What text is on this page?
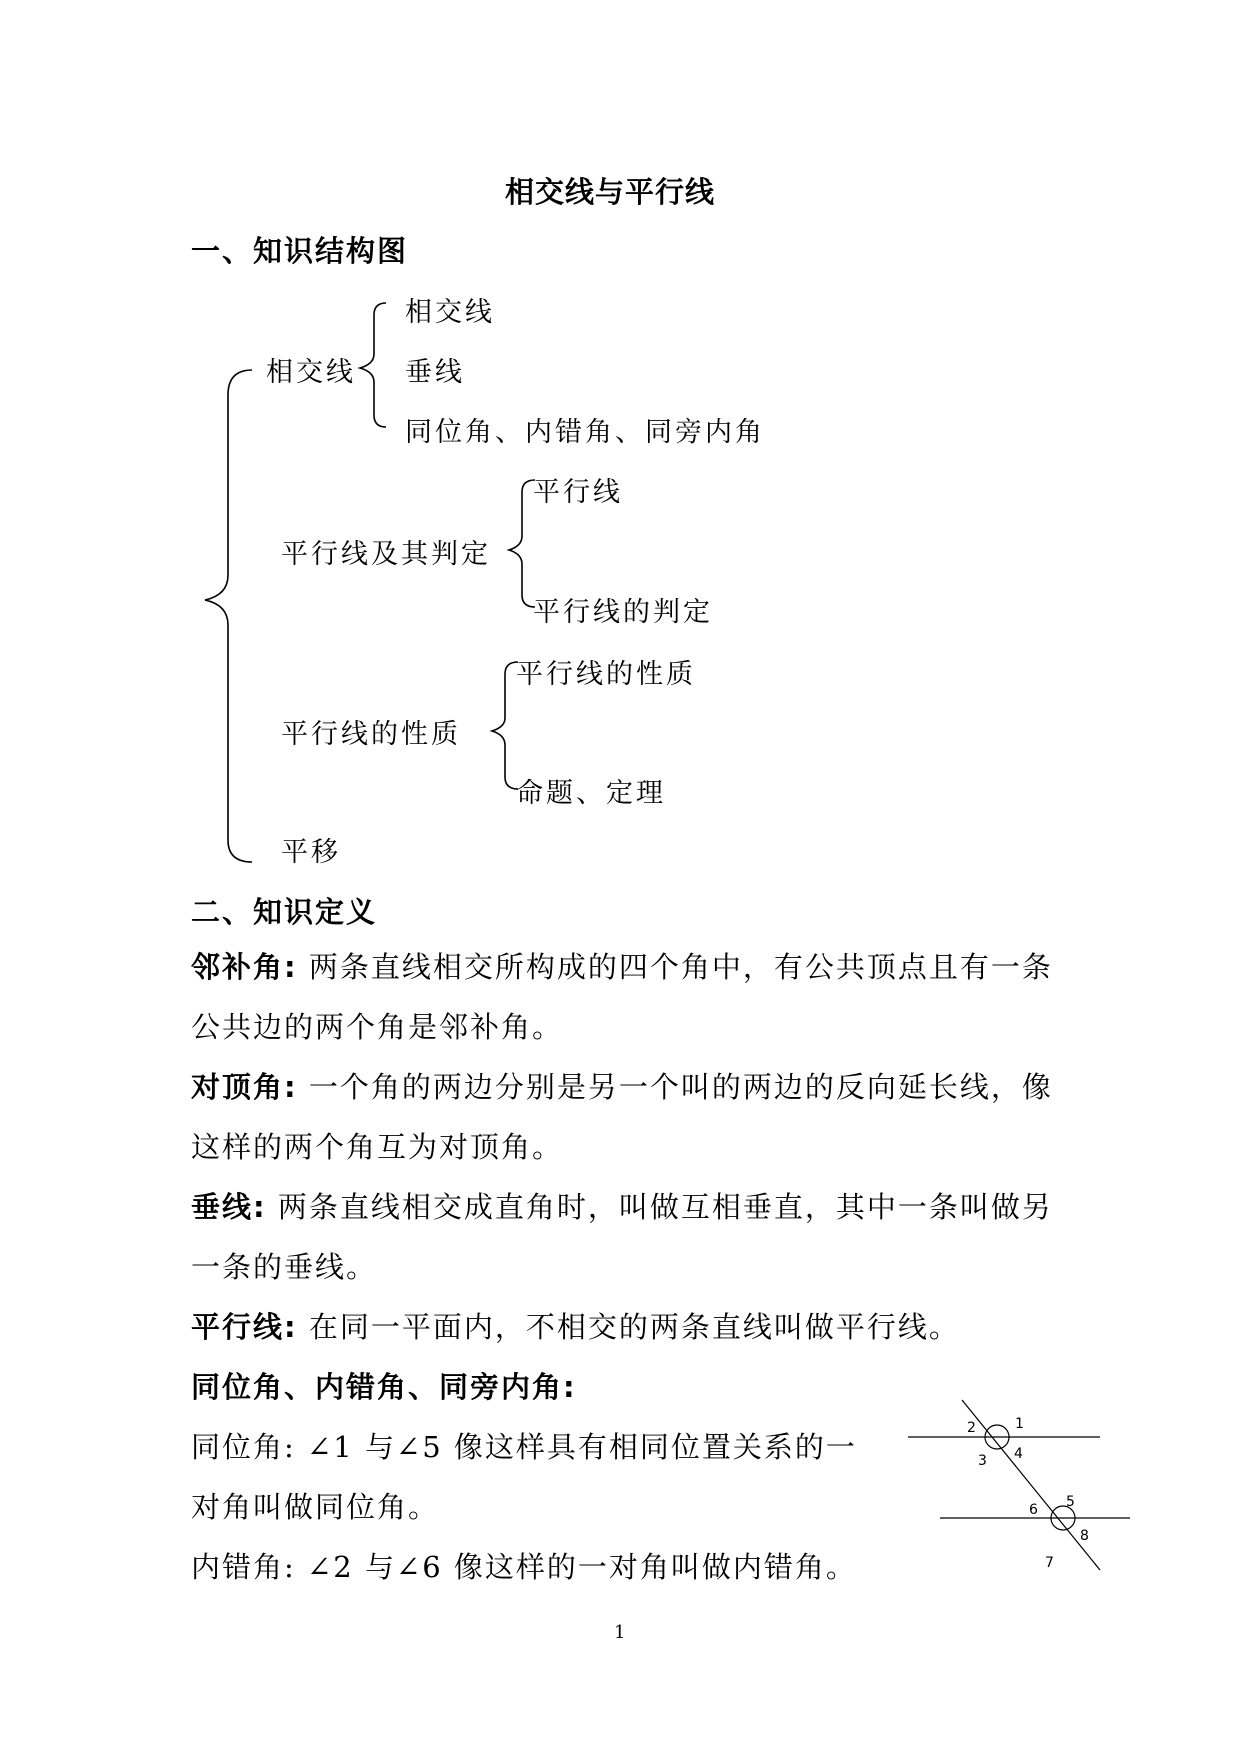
相交线与平行线
一、知识结构图
相交线
相交线
垂线
同位角、内错角、同旁内角
平行线及其判定
平行线
平行线的判定
平行线的性质
平行线的性质
命题、定理
平移
二、知识定义
邻补角: 两条直线相交所构成的四个角中，有公共顶点且有一条
公共边的两个角是邻补角。
对顶角: 一个角的两边分别是另一个叫的两边的反向延长线，像
这样的两个角互为对顶角。
垂线: 两条直线相交成直角时，叫做互相垂直，其中一条叫做另
一条的垂线。
平行线: 在同一平面内，不相交的两条直线叫做平行线。
同位角、内错角、同旁内角:
同位角: ∠1 与∠5 像这样具有相同位置关系的一
对角叫做同位角。
内错角: ∠2 与∠6 像这样的一对角叫做内错角。
1
2
3 4
5
6
7
8
1
